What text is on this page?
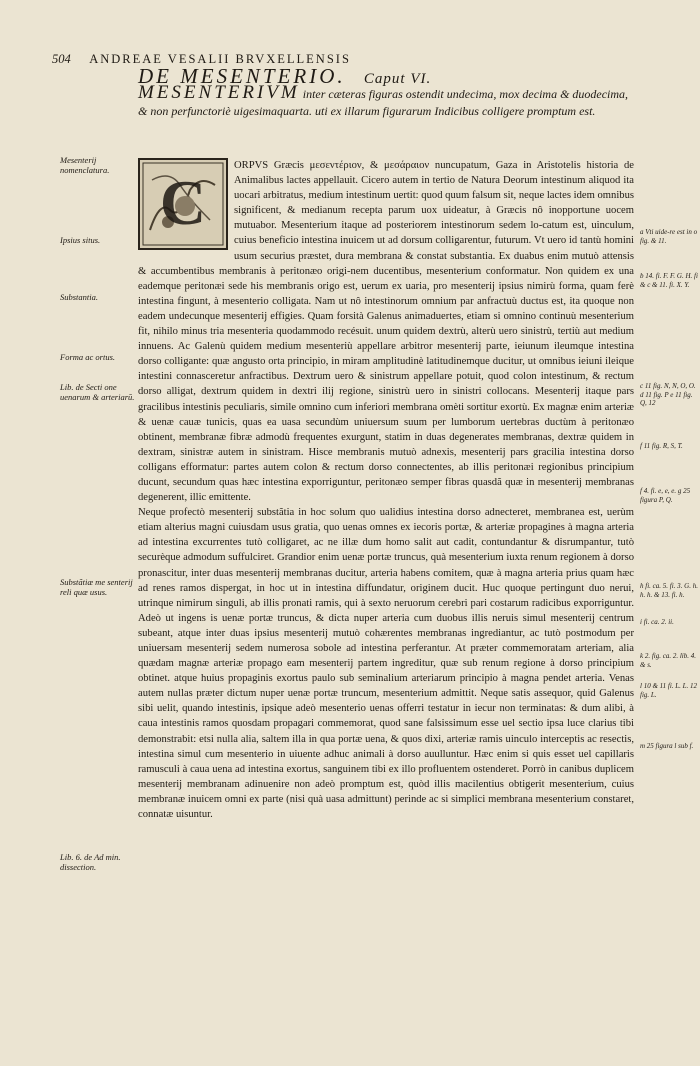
504 ANDREAE VESALII BRVXELLENSIS
DE MESENTERIO. Caput VI.
MESENTERIVM inter cæteras figuras ostendit undecima, mox decima & duodecima, & non perfunctoriè uigesimaquarta. uti ex illarum figurarum Indicibus colligere promptum est.
C

ORPVS Græcis μεσεντέριον, & μεσάραιον nuncupatum, Gaza in Aristotelis historia de Animalibus lactes appellauit. Cicero autem in tertio de Natura Deorum intestinum aliquod ita uocari arbitratus, medium intestinum uertit: quod quum falsum sit, neque lactes idem omnibus significent, & medianum recepta parum uox uideatur, à Græcis nô inopportune uocem mutuabor. Mesenterium itaque ad posteriorem intestinorum sedem lo-catum est, uinculum, cuius beneficio intestina inuicem ut ad dorsum colligarentur, futurum. Vt uero id tantù homini usum securius præstet, dura membrana & constat substantia. Ex duabus enim mutuò attensis & accumbentibus membranis à peritonæo origi-nem ducentibus, mesenterium conformatur. Non quidem ex una eademque peritonæi sede his membranis origo est, uerum ex uaria, pro mesenterij ipsius nimirù forma, quam ferè intestina fingunt, à mesenterio colligata. Nam ut nô intestinorum omnium par anfractuù ductus est, ita quoque non eadem undecunque mesenterij effigies. Quam forsità Galenus animaduertes, etiam si omnino continuù mesenterium fit, nihilo minus tria mesenteria quodammodo recésuit. unum quidem dextrù, alterù uero sinistrù, tertiù aut medium innuens. Ac Galenù quidem medium mesenteriù appellare arbitror mesenterij parte, ieiunum ileumque intestina dorso colligante: quæ angusto orta principio, in miram amplitudinè latitudinemque ducitur, ut omnibus ieiuni ileique intestini connasceretur anfractibus. Dextrum uero & sinistrum appellare potuit, quod colon intestinum, & rectum dorso alligat, dextrum quidem in dextri ilij regione, sinistrù uero in sinistri collocans. Mesenterij itaque pars gracilibus intestinis peculiaris, simile omnino cum inferiori membrana omèti sortitur exortù. Ex magnæ enim arteriæ & uenæ cauæ tunicis, quas ea uasa secundùm uniuersum suum per lumborum uertebras ductùm à peritonæo obtinent, membranæ fibræ admodù frequentes exurgunt, statim in duas degenerates membranas, dextræ quidem in dextram, sinistræ autem in sinistram. Hisce membranis mutuò adnexis, mesenterij pars gracilia intestina dorso colligans efformatur: partes autem colon & rectum dorso connectentes, ab illis peritonæi regionibus principium ducunt, secundum quas hæc intestina exporriguntur, peritonæo semper fibras quasdã quæ in mesenterij membranas degenerent, illic emittente.

Neque profectò mesenterij substãtia in hoc solum quo ualidius intestina dorso adnecteret, membranea est, uerùm etiam alterius magni cuiusdam usus gratia, quo uenas omnes ex iecoris portæ, & arteriæ propagines à magna arteria ad intestina excurrentes tutò colligaret, ac ne illæ dum homo salit aut cadit, contundantur & disrumpantur, tutò securèque admodum suffulciret. Grandior enim uenæ portæ truncus, quà mesenterium iuxta renum regionem à dorso pronascitur, inter duas mesenterij membranas ducitur, arteria habens comitem, quæ à magna arteria prius quam hæc ad renes ramos dispergat, in hoc ut in intestina diffundatur, originem ducit. Huc quoque pertingunt duo nerui, utrinque nimirum singuli, ab illis pronati ramis, qui à sexto neruorum cerebri pari costarum radicibus exporriguntur. Adeò ut ingens is uenæ portæ truncus, & dicta nuper arteria cum duobus illis neruis simul mesenterij centrum subeant, atque inter duas ipsius mesenterij mutuò cohærentes membranas ingrediantur, ac tutò postmodum per uniuersam mesenterij sedem numerosa sobole ad intestina perferantur. At præter commemoratam arteriam, alia quædam magnæ arteriæ propago eam mesenterij partem ingreditur, quæ sub renum regione à dorso principium obtinet. atque huius propaginis exortus paulo sub seminalium arteriarum principio à magna pendet arteria. Venas autem nullas præter dictum nuper uenæ portæ truncum, mesenterium admittit. Neque satis assequor, quid Galenus sibi uelit, quando intestinis, ipsique adeò mesenterio uenas offerri testatur in iecur non terminatas: & dum alibi, à caua intestinis ramos quosdam propagari commemorat, quod sane falsissimum esse uel sectio ipsa luce clarius tibi demonstrabit: etsi nulla alia, saltem illa in qua portæ uena, & quos dixi, arteriæ ramis uinculo interceptis ac resectis, intestina simul cum mesenterio in uiuente adhuc animali à dorso auulluntur. Hæc enim si quis esset uel capillaris ramusculi à caua uena ad intestina exortus, sanguinem tibi ex illo profluentem ostenderet. Porrò in canibus duplicem mesenterij membranam adinuenire non adeò promptum est, quòd illis macilentius obtigerit mesenterium, cuius membranæ inuicem omni ex parte (nisi quà uasa admittunt) perinde ac si simplici membrana mesenterium constaret, connatæ uisuntur.

Mesenterij nomenclatura.
Ipsius situs.
Substantia.
Forma ac ortus.
Lib. de Secti one uenarum & arteriarū.
Substãtiæ me senterij reli quæ usus.
Lib. 6. de Ad min. dissection.
a Vti uide-re est in o fig. & 11.
b 14. fi. F. F. G. H. fi & c & 11. fi. X. Y.
c 11 fig. N, N, O, O. d 11 fig. P e 11 fig. Q, 12
f 11 fig. R, S, T.
f 4. fi. e, e, e. g 25 figura P, Q.
h fi. ca. 5. fi. 3. G. h. h. h. & 13. fi. h.
i fi. ca. 2. ii.
k 2. fig. ca. 2. lib. 4. & s.
l 10 & 11 fi. L. L. 12 fig. L.
m 25 figura l sub f.
